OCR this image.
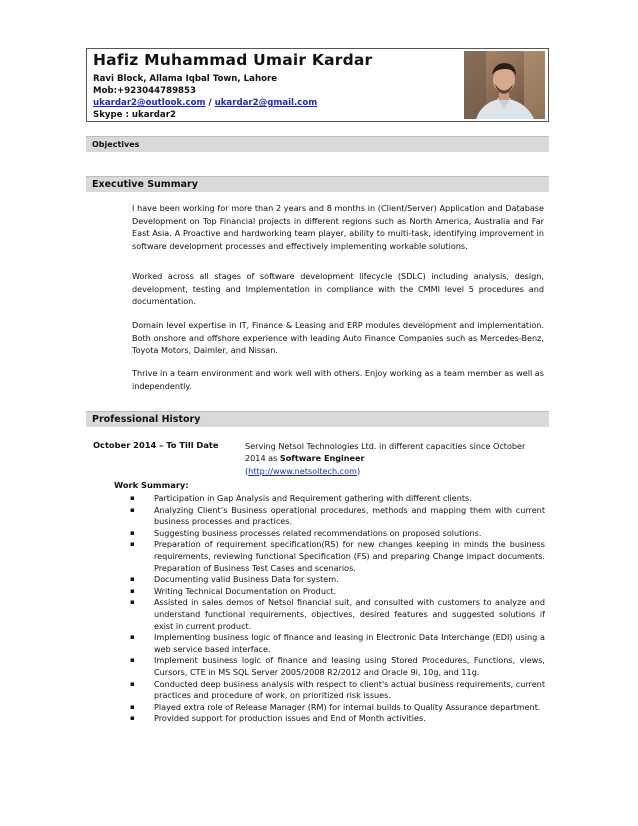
Hafiz Muhammad Umair Kardar
Ravi Block, Allama Iqbal Town, Lahore
Mob:+923044789853
ukardar2@outlook.com / ukardar2@gmail.com
Skype : ukardar2
Objectives
Executive Summary
I have been working for more than 2 years and 8 months in (Client/Server) Application and Database Development on Top Financial projects in different regions such as North America, Australia and Far East Asia. A Proactive and hardworking team player, ability to multi-task, identifying improvement in software development processes and effectively implementing workable solutions.
Worked across all stages of software development lifecycle (SDLC) including analysis, design, development, testing and Implementation in compliance with the CMMI level 5 procedures and documentation.
Domain level expertise in IT, Finance & Leasing and ERP modules development and implementation. Both onshore and offshore experience with leading Auto Finance Companies such as Mercedes-Benz, Toyota Motors, Daimler, and Nissan.
Thrive in a team environment and work well with others. Enjoy working as a team member as well as independently.
Professional History
October 2014 – To Till Date	Serving Netsol Technologies Ltd. in different capacities since October 2014 as Software Engineer
(http://www.netsoltech.com)
Work Summary:
▪ Participation in Gap Analysis and Requirement gathering with different clients.
▪ Analyzing Client’s Business operational procedures, methods and mapping them with current business processes and practices.
▪ Suggesting business processes related recommendations on proposed solutions.
▪ Preparation of requirement specification(RS) for new changes keeping in minds the business requirements, reviewing functional Specification (FS) and preparing Change impact documents. Preparation of Business Test Cases and scenarios.
▪ Documenting valid Business Data for system.
▪ Writing Technical Documentation on Product.
▪ Assisted in sales demos of Netsol financial suit, and consulted with customers to analyze and understand functional requirements, objectives, desired features and suggested solutions if exist in current product.
▪ Implementing business logic of finance and leasing in Electronic Data Interchange (EDI) using a web service based interface.
▪ Implement business logic of finance and leasing using Stored Procedures, Functions, views, Cursors, CTE in MS SQL Server 2005/2008 R2/2012 and Oracle 9i, 10g, and 11g.
▪ Conducted deep business analysis with respect to client's actual business requirements, current practices and procedure of work, on prioritized risk issues.
▪ Played extra role of Release Manager (RM) for internal builds to Quality Assurance department.
▪ Provided support for production issues and End of Month activities.
